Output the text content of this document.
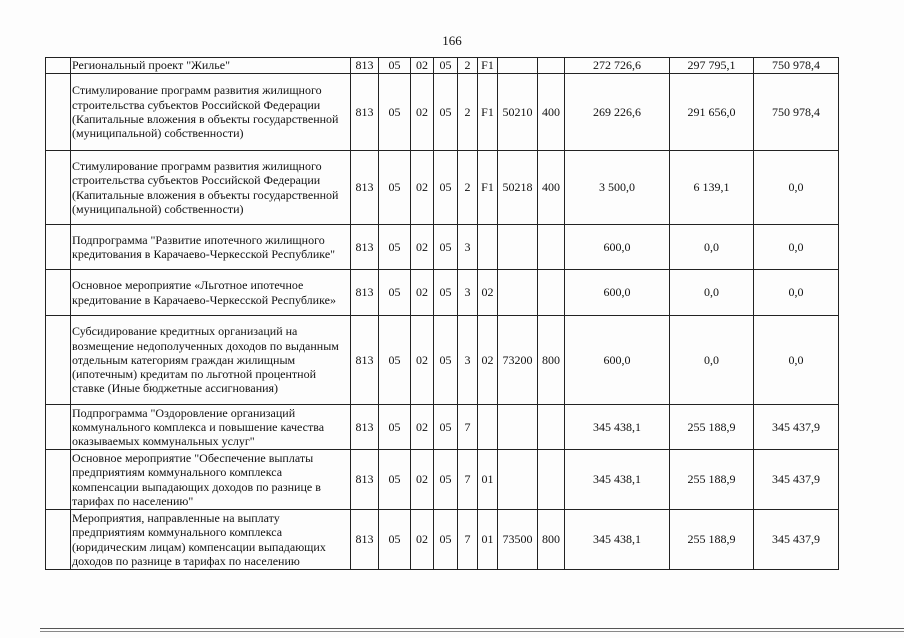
166
	Региональный проект "Жилье"	813	05	02	05	2	F1			272 726,6	297 795,1	750 978,4
	Стимулирование программ развития жилищного строительства субъектов Российской Федерации (Капитальные вложения в объекты государственной (муниципальной) собственности)	813	05	02	05	2	F1	50210	400	269 226,6	291 656,0	750 978,4
	Стимулирование программ развития жилищного строительства субъектов Российской Федерации (Капитальные вложения в объекты государственной (муниципальной) собственности)	813	05	02	05	2	F1	50218	400	3 500,0	6 139,1	0,0
	Подпрограмма "Развитие ипотечного жилищного кредитования в Карачаево-Черкесской Республике"	813	05	02	05	3				600,0	0,0	0,0
	Основное мероприятие «Льготное ипотечное кредитование в Карачаево-Черкесской Республике»	813	05	02	05	3	02			600,0	0,0	0,0
	Субсидирование кредитных организаций на возмещение недополученных доходов по выданным отдельным категориям граждан жилищным (ипотечным) кредитам по льготной процентной ставке (Иные бюджетные ассигнования)	813	05	02	05	3	02	73200	800	600,0	0,0	0,0
	Подпрограмма "Оздоровление организаций коммунального комплекса и повышение качества оказываемых коммунальных услуг"	813	05	02	05	7				345 438,1	255 188,9	345 437,9
	Основное мероприятие "Обеспечение выплаты предприятиям коммунального комплекса компенсации выпадающих доходов по разнице в тарифах по населению"	813	05	02	05	7	01			345 438,1	255 188,9	345 437,9
	Мероприятия, направленные на выплату предприятиям коммунального комплекса (юридическим лицам) компенсации выпадающих доходов по разнице в тарифах по населению	813	05	02	05	7	01	73500	800	345 438,1	255 188,9	345 437,9
